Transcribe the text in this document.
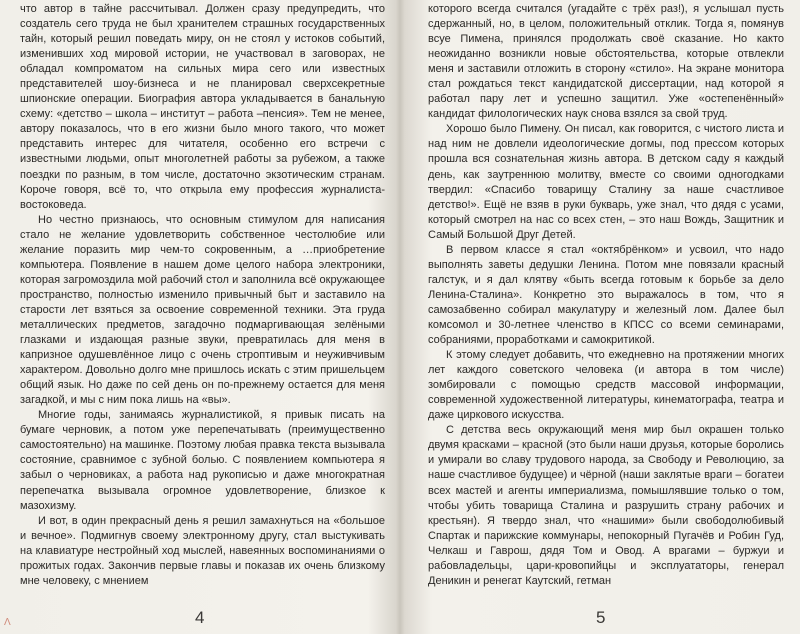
что автор в тайне рассчитывал. Должен сразу предупредить, что создатель сего труда не был хранителем страшных государственных тайн, который решил поведать миру, он не стоял у истоков событий, изменивших ход мировой истории, не участвовал в заговорах, не обладал компроматом на сильных мира сего или известных представителей шоу-бизнеса и не планировал сверхсекретные шпионские операции. Биография автора укладывается в банальную схему: «детство – школа – институт – работа –пенсия». Тем не менее, автору показалось, что в его жизни было много такого, что может представить интерес для читателя, особенно его встречи с известными людьми, опыт многолетней работы за рубежом, а также поездки по разным, в том числе, достаточно экзотическим странам. Короче говоря, всё то, что открыла ему профессия журналиста-востоковеда.

Но честно признаюсь, что основным стимулом для написания стало не желание удовлетворить собственное честолюбие или желание поразить мир чем-то сокровенным, а …приобретение компьютера. Появление в нашем доме целого набора электроники, которая загромоздила мой рабочий стол и заполнила всё окружающее пространство, полностью изменило привычный быт и заставило на старости лет взяться за освоение современной техники. Эта груда металлических предметов, загадочно подмаргивающая зелёными глазками и издающая разные звуки, превратилась для меня в капризное одушевлённое лицо с очень строптивым и неуживчивым характером. Довольно долго мне пришлось искать с этим пришельцем общий язык. Но даже по сей день он по-прежнему остается для меня загадкой, и мы с ним пока лишь на «вы».

Многие годы, занимаясь журналистикой, я привык писать на бумаге черновик, а потом уже перепечатывать (преимущественно самостоятельно) на машинке. Поэтому любая правка текста вызывала состояние, сравнимое с зубной болью. С появлением компьютера я забыл о черновиках, а работа над рукописью и даже многократная перепечатка вызывала огромное удовлетворение, близкое к мазохизму.

И вот, в один прекрасный день я решил замахнуться на «большое и вечное». Подмигнув своему электронному другу, стал выстукивать на клавиатуре нестройный ход мыслей, навеянных воспоминаниями о прожитых годах. Закончив первые главы и показав их очень близкому мне человеку, с мнением

4

которого всегда считался (угадайте с трёх раз!), я услышал пусть сдержанный, но, в целом, положительный отклик. Тогда я, помянув всуе Пимена, принялся продолжать своё сказание. Но както неожиданно возникли новые обстоятельства, которые отвлекли меня и заставили отложить в сторону «стило». На экране монитора стал рождаться текст кандидатской диссертации, над которой я работал пару лет и успешно защитил. Уже «остепенённый» кандидат филологических наук снова взялся за свой труд.

Хорошо было Пимену. Он писал, как говорится, с чистого листа и над ним не довлели идеологические догмы, под прессом которых прошла вся сознательная жизнь автора. В детском саду я каждый день, как заутреннюю молитву, вместе со своими одногодками твердил: «Спасибо товарищу Сталину за наше счастливое детство!». Ещё не взяв в руки букварь, уже знал, что дядя с усами, который смотрел на нас со всех стен, – это наш Вождь, Защитник и Самый Большой Друг Детей.

В первом классе я стал «октябрёнком» и усвоил, что надо выполнять заветы дедушки Ленина. Потом мне повязали красный галстук, и я дал клятву «быть всегда готовым к борьбе за дело Ленина-Сталина». Конкретно это выражалось в том, что я самозабвенно собирал макулатуру и железный лом. Далее был комсомол и 30-летнее членство в КПСС со всеми семинарами, собраниями, проработками и самокритикой.

К этому следует добавить, что ежедневно на протяжении многих лет каждого советского человека (и автора в том числе) зомбировали с помощью средств массовой информации, современной художественной литературы, кинематографа, театра и даже циркового искусства.

С детства весь окружающий меня мир был окрашен только двумя красками – красной (это были наши друзья, которые боролись и умирали во славу трудового народа, за Свободу и Революцию, за наше счастливое будущее) и чёрной (наши заклятые враги – богатеи всех мастей и агенты империализма, помышлявшие только о том, чтобы убить товарища Сталина и разрушить страну рабочих и крестьян). Я твердо знал, что «нашими» были свободолюбивый Спартак и парижские коммунары, непокорный Пугачёв и Робин Гуд, Челкаш и Гаврош, дядя Том и Овод. А врагами – буржуи и рабовладельцы, цари-кровопийцы и эксплуататоры, генерал Деникин и ренегат Каутский, гетман

5
Λ
